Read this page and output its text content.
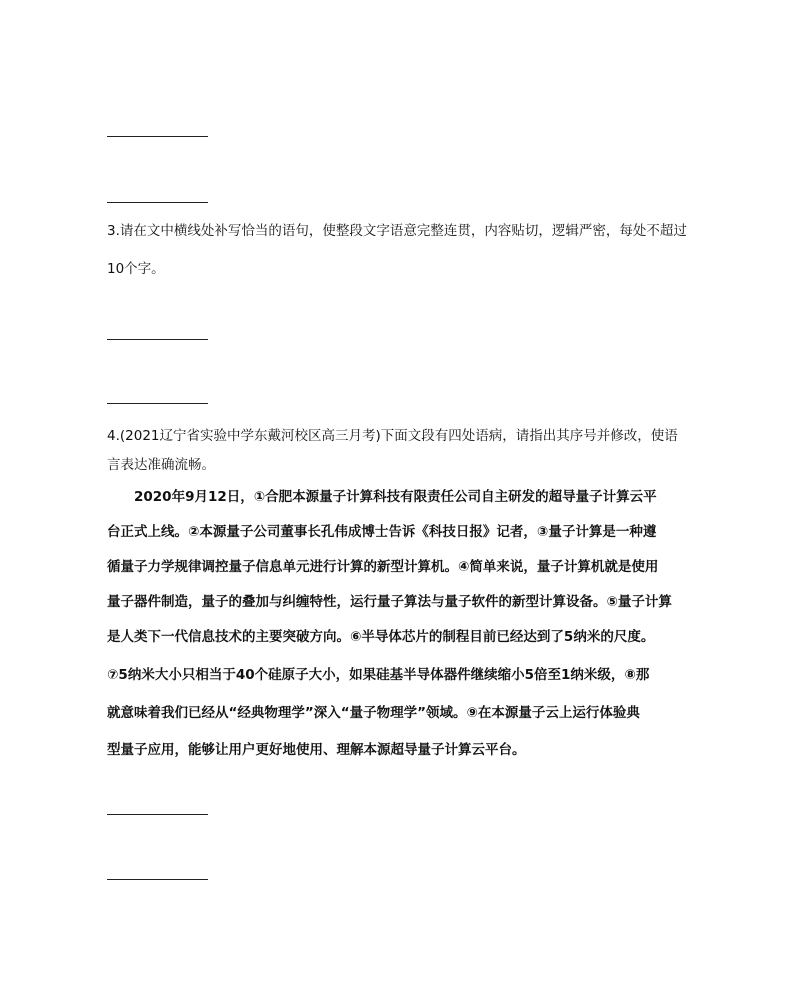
3.请在文中横线处补写恰当的语句，使整段文字语意完整连贯，内容贴切，逻辑严密，每处不超过
10个字。
4.(2021辽宁省实验中学东戴河校区高三月考)下面文段有四处语病，请指出其序号并修改，使语
言表达准确流畅。
2020年9月12日，①合肥本源量子计算科技有限责任公司自主研发的超导量子计算云平
台正式上线。②本源量子公司董事长孔伟成博士告诉《科技日报》记者，③量子计算是一种遵
循量子力学规律调控量子信息单元进行计算的新型计算机。④简单来说，量子计算机就是使用
量子器件制造，量子的叠加与纠缠特性，运行量子算法与量子软件的新型计算设备。⑤量子计算
是人类下一代信息技术的主要突破方向。⑥半导体芯片的制程目前已经达到了5纳米的尺度。
⑦5纳米大小只相当于40个硅原子大小，如果硅基半导体器件继续缩小5倍至1纳米级，⑧那
就意味着我们已经从“经典物理学”深入“量子物理学”领域。⑨在本源量子云上运行体验典
型量子应用，能够让用户更好地使用、理解本源超导量子计算云平台。
